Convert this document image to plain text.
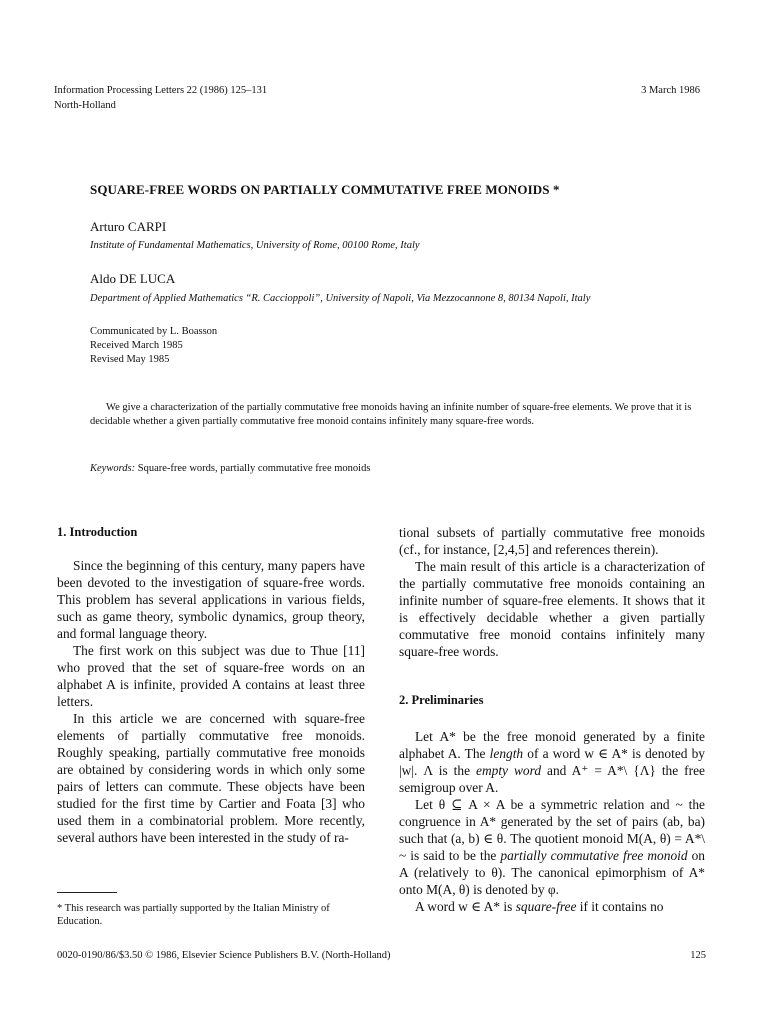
Information Processing Letters 22 (1986) 125–131
North-Holland
3 March 1986
SQUARE-FREE WORDS ON PARTIALLY COMMUTATIVE FREE MONOIDS *
Arturo CARPI
Institute of Fundamental Mathematics, University of Rome, 00100 Rome, Italy
Aldo DE LUCA
Department of Applied Mathematics “R. Caccioppoli”, University of Napoli, Via Mezzocannone 8, 80134 Napoli, Italy
Communicated by L. Boasson
Received March 1985
Revised May 1985
We give a characterization of the partially commutative free monoids having an infinite number of square-free elements. We prove that it is decidable whether a given partially commutative free monoid contains infinitely many square-free words.
Keywords: Square-free words, partially commutative free monoids
1. Introduction

Since the beginning of this century, many papers have been devoted to the investigation of square-free words. This problem has several applications in various fields, such as game theory, symbolic dynamics, group theory, and formal language theory.

The first work on this subject was due to Thue [11] who proved that the set of square-free words on an alphabet A is infinite, provided A contains at least three letters.

In this article we are concerned with square-free elements of partially commutative free monoids. Roughly speaking, partially commutative free monoids are obtained by considering words in which only some pairs of letters can commute. These objects have been studied for the first time by Cartier and Foata [3] who used them in a combinatorial problem. More recently, several authors have been interested in the study of ra-

* This research was partially supported by the Italian Ministry of Education.

tional subsets of partially commutative free monoids (cf., for instance, [2,4,5] and references therein).

The main result of this article is a characterization of the partially commutative free monoids containing an infinite number of square-free elements. It shows that it is effectively decidable whether a given partially commutative free monoid contains infinitely many square-free words.

2. Preliminaries

Let A* be the free monoid generated by a finite alphabet A. The length of a word w ∈ A* is denoted by |w|. Λ is the empty word and A⁺ = A*\ {Λ} the free semigroup over A.

Let θ ⊆ A × A be a symmetric relation and ~ the congruence in A* generated by the set of pairs (ab, ba) such that (a, b) ∈ θ. The quotient monoid M(A, θ) = A*\ ~ is said to be the partially commutative free monoid on A (relatively to θ). The canonical epimorphism of A* onto M(A, θ) is denoted by φ.

A word w ∈ A* is square-free if it contains no

0020-0190/86/$3.50 © 1986, Elsevier Science Publishers B.V. (North-Holland)	125
